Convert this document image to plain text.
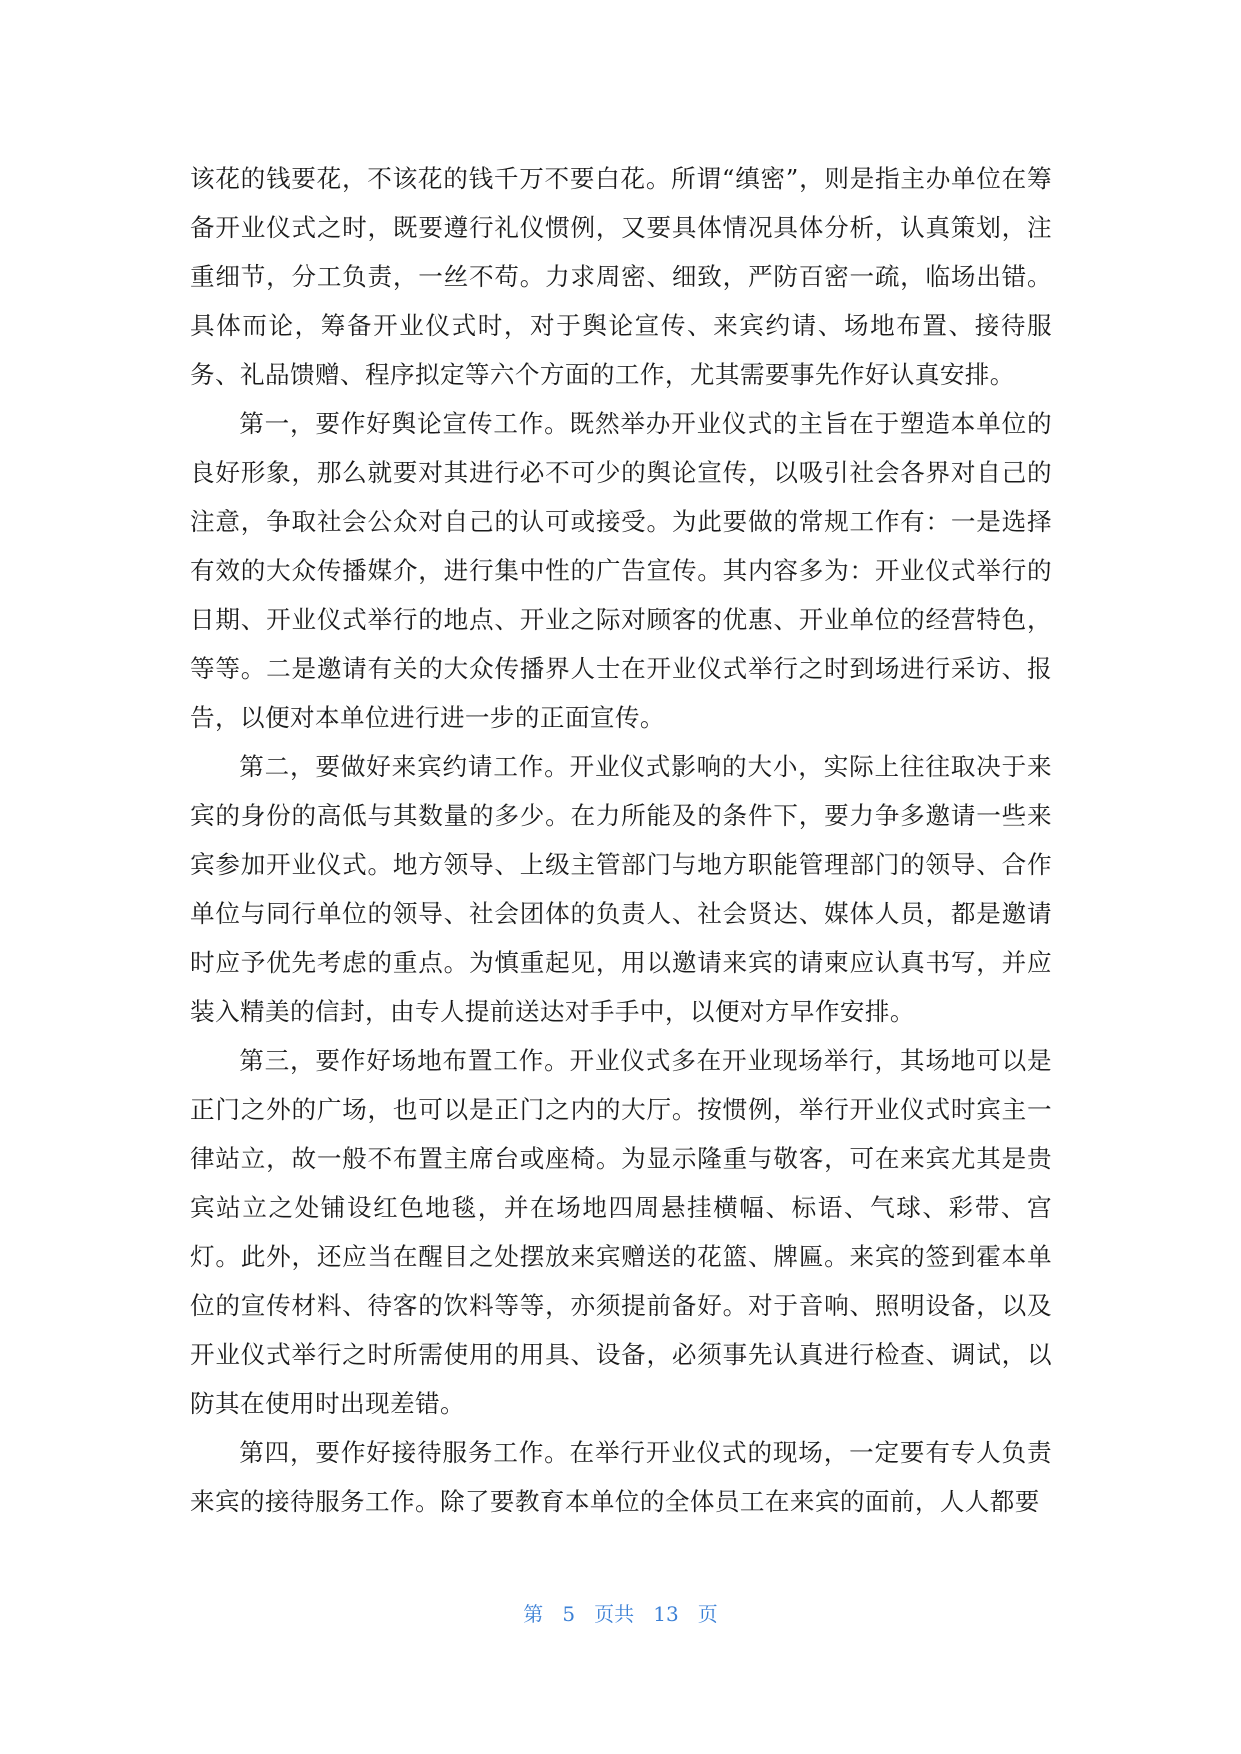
该花的钱要花，不该花的钱千万不要白花。所谓“缜密”，则是指主办单位在筹备开业仪式之时，既要遵行礼仪惯例，又要具体情况具体分析，认真策划，注重细节，分工负责，一丝不苟。力求周密、细致，严防百密一疏，临场出错。具体而论，筹备开业仪式时，对于舆论宣传、来宾约请、场地布置、接待服务、礼品馈赠、程序拟定等六个方面的工作，尤其需要事先作好认真安排。

第一，要作好舆论宣传工作。既然举办开业仪式的主旨在于塑造本单位的良好形象，那么就要对其进行必不可少的舆论宣传，以吸引社会各界对自己的注意，争取社会公众对自己的认可或接受。为此要做的常规工作有：一是选择有效的大众传播媒介，进行集中性的广告宣传。其内容多为：开业仪式举行的日期、开业仪式举行的地点、开业之际对顾客的优惠、开业单位的经营特色，等等。二是邀请有关的大众传播界人士在开业仪式举行之时到场进行采访、报告，以便对本单位进行进一步的正面宣传。

第二，要做好来宾约请工作。开业仪式影响的大小，实际上往往取决于来宾的身份的高低与其数量的多少。在力所能及的条件下，要力争多邀请一些来宾参加开业仪式。地方领导、上级主管部门与地方职能管理部门的领导、合作单位与同行单位的领导、社会团体的负责人、社会贤达、媒体人员，都是邀请时应予优先考虑的重点。为慎重起见，用以邀请来宾的请柬应认真书写，并应装入精美的信封，由专人提前送达对手手中，以便对方早作安排。

第三，要作好场地布置工作。开业仪式多在开业现场举行，其场地可以是正门之外的广场，也可以是正门之内的大厅。按惯例，举行开业仪式时宾主一律站立，故一般不布置主席台或座椅。为显示隆重与敬客，可在来宾尤其是贵宾站立之处铺设红色地毯，并在场地四周悬挂横幅、标语、气球、彩带、宫灯。此外，还应当在醒目之处摆放来宾赠送的花篮、牌匾。来宾的签到霍本单位的宣传材料、待客的饮料等等，亦须提前备好。对于音响、照明设备，以及开业仪式举行之时所需使用的用具、设备，必须事先认真进行检查、调试，以防其在使用时出现差错。

第四，要作好接待服务工作。在举行开业仪式的现场，一定要有专人负责来宾的接待服务工作。除了要教育本单位的全体员工在来宾的面前，人人都要

第 5 页共 13 页
